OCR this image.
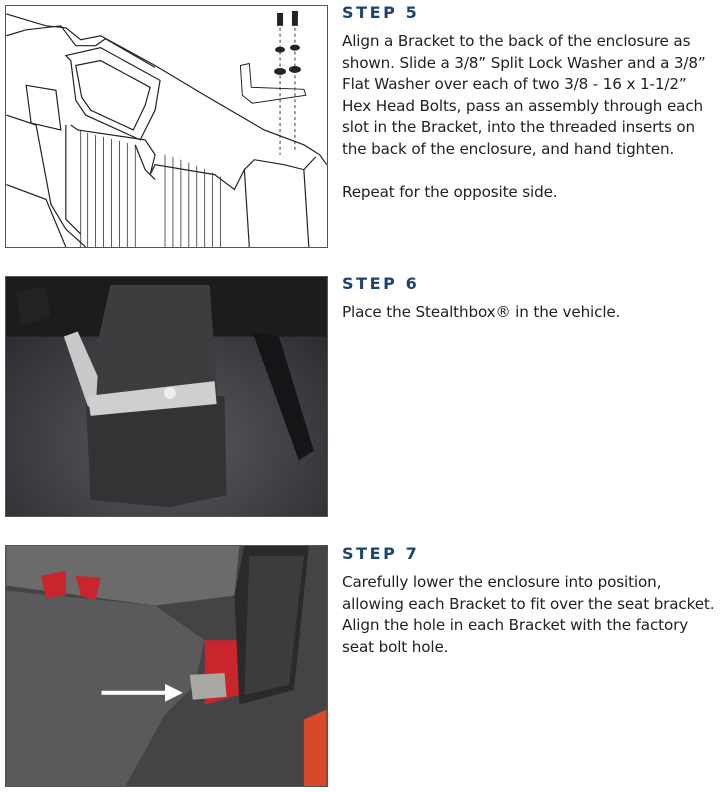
STEP 5

Align a Bracket to the back of the enclosure as shown. Slide a 3/8” Split Lock Washer and a 3/8” Flat Washer over each of two 3/8 - 16 x 1-1/2” Hex Head Bolts, pass an assembly through each slot in the Bracket, into the threaded inserts on the back of the enclosure, and hand tighten.

Repeat for the opposite side.

STEP 6

Place the Stealthbox® in the vehicle.

STEP 7

Carefully lower the enclosure into position, allowing each Bracket to fit over the seat bracket. Align the hole in each Bracket with the factory seat bolt hole.
